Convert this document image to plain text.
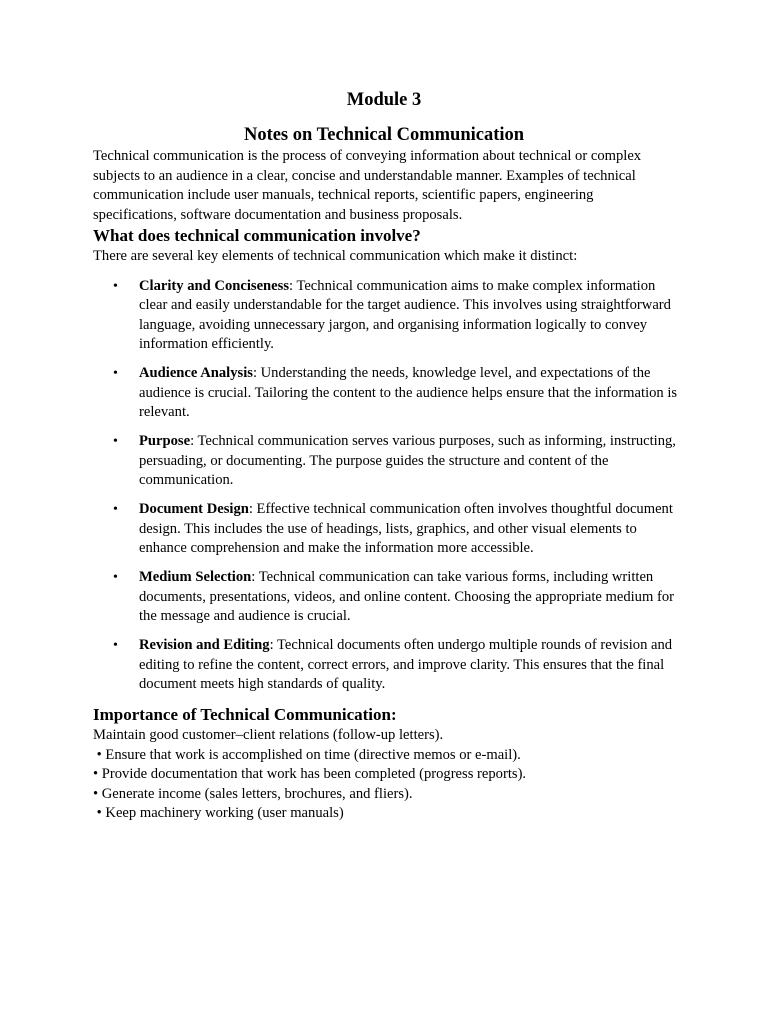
Module 3
Notes on Technical Communication

Technical communication is the process of conveying information about technical or complex subjects to an audience in a clear, concise and understandable manner. Examples of technical communication include user manuals, technical reports, scientific papers, engineering specifications, software documentation and business proposals.

What does technical communication involve?

There are several key elements of technical communication which make it distinct:

• Clarity and Conciseness: Technical communication aims to make complex information clear and easily understandable for the target audience. This involves using straightforward language, avoiding unnecessary jargon, and organising information logically to convey information efficiently.
• Audience Analysis: Understanding the needs, knowledge level, and expectations of the audience is crucial. Tailoring the content to the audience helps ensure that the information is relevant.
• Purpose: Technical communication serves various purposes, such as informing, instructing, persuading, or documenting. The purpose guides the structure and content of the communication.
• Document Design: Effective technical communication often involves thoughtful document design. This includes the use of headings, lists, graphics, and other visual elements to enhance comprehension and make the information more accessible.
• Medium Selection: Technical communication can take various forms, including written documents, presentations, videos, and online content. Choosing the appropriate medium for the message and audience is crucial.
• Revision and Editing: Technical documents often undergo multiple rounds of revision and editing to refine the content, correct errors, and improve clarity. This ensures that the final document meets high standards of quality.
Importance of Technical Communication:

Maintain good customer–client relations (follow-up letters).

• Ensure that work is accomplished on time (directive memos or e-mail).

• Provide documentation that work has been completed (progress reports).

• Generate income (sales letters, brochures, and fliers).

• Keep machinery working (user manuals)
